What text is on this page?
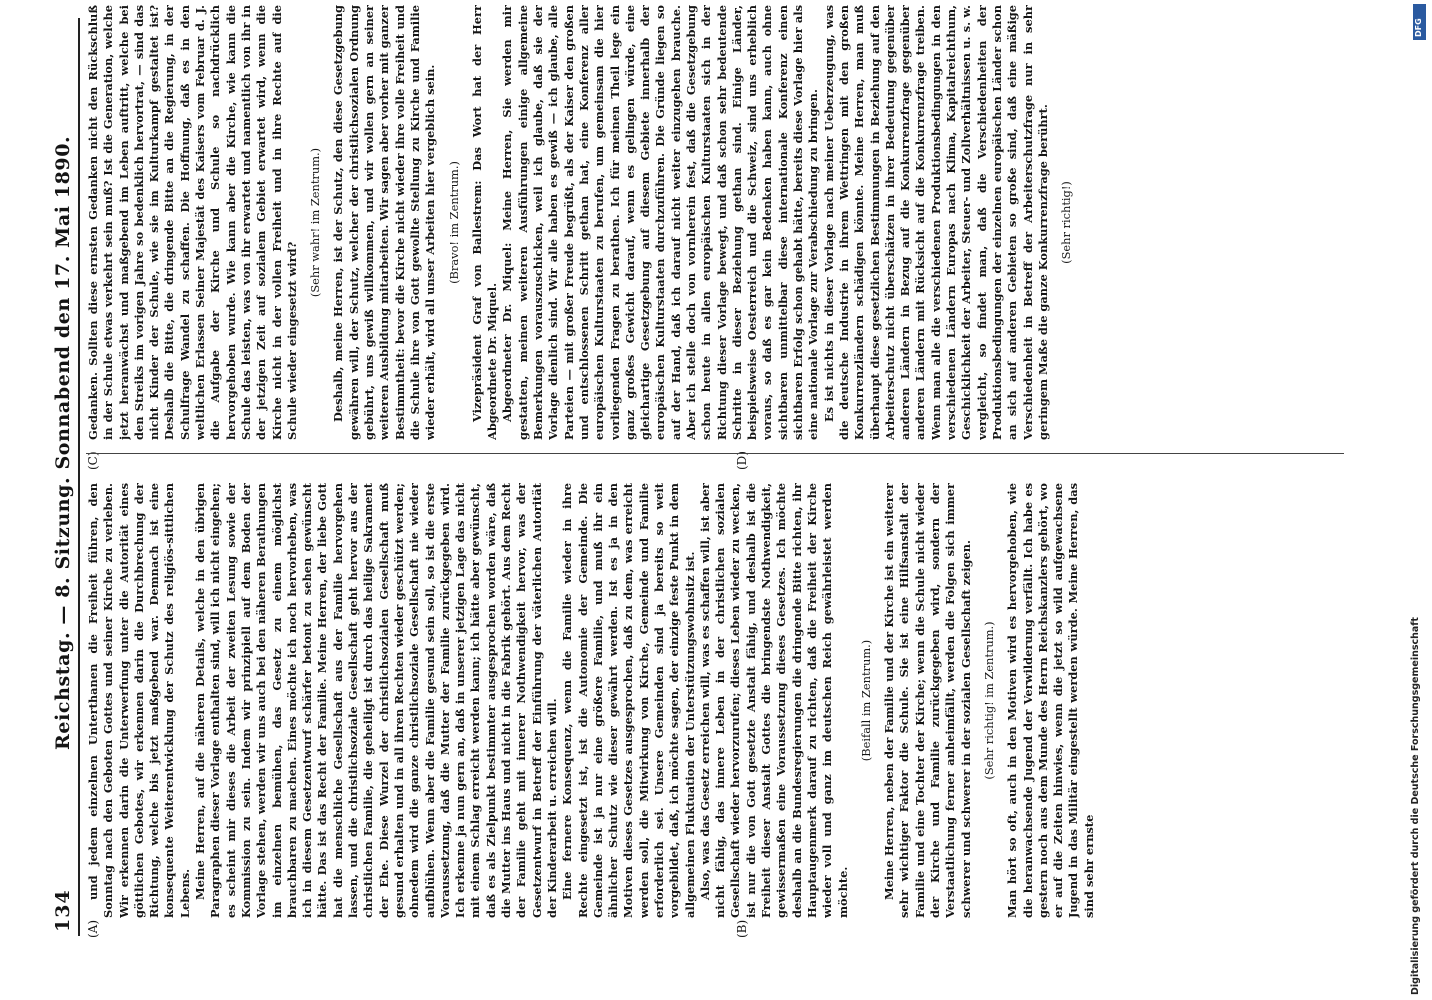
134
Reichstag. — 8. Sitzung. Sonnabend den 17. Mai 1890.
(A)	(B)
(C)	(D)

und jedem einzelnen Unterthanen die Freiheit führen, den Sonntag nach den Geboten Gottes und seiner Kirche zu verleben. Wir erkennen darin die Unterwerfung unter die Autorität eines göttlichen Gebotes, wir erkennen darin die Durchbrechung der Richtung, welche bis jetzt maßgebend war. Demnach ist eine konsequente Weiterentwicklung der Schutz des religiös-sittlichen Lebens. Meine Herren, auf die näheren Details, welche in den übrigen Paragraphen dieser Vorlage enthalten sind, will ich nicht eingehen; es scheint mir dieses die Arbeit der zweiten Lesung sowie der Kommission zu sein. Indem wir prinzipiell auf dem Boden der Vorlage stehen, werden wir uns auch bei den näheren Berathungen im einzelnen bemühen, das Gesetz zu einem möglichst brauchbaren zu machen. Eines möchte ich noch hervorheben, was ich in diesem Gesetzentwurf schärfer betont zu sehen gewünscht hätte. Das ist das Recht der Familie. Meine Herren, der liebe Gott hat die menschliche Gesellschaft aus der Familie hervorgehen lassen, und die christlichsoziale Gesellschaft geht hervor aus der christlichen Familie, die geheiligt ist durch das heilige Sakrament der Ehe. Diese Wurzel der christlichsozialen Gesellschaft muß gesund erhalten und in all ihren Rechten wieder geschützt werden; ohnedem wird die ganze christlichsoziale Gesellschaft nie wieder aufblühen. Wenn aber die Familie gesund sein soll, so ist die erste Voraussetzung, daß die Mutter der Familie zurückgegeben wird. Ich erkenne ja nun gern an, daß in unserer jetzigen Lage das nicht mit einem Schlag erreicht werden kann; ich hätte aber gewünscht, daß es als Zielpunkt bestimmter ausgesprochen worden wäre, daß die Mutter ins Haus und nicht in die Fabrik gehört. Aus dem Recht der Familie geht mit innerer Nothwendigkeit hervor, was der Gesetzentwurf in Betreff der Einführung der väterlichen Autorität der Kinderarbeit u. erreichen will. Eine fernere Konsequenz, wenn die Familie wieder in ihre Rechte eingesetzt ist, ist die Autonomie der Gemeinde. Die Gemeinde ist ja nur eine größere Familie, und muß ihr ein ähnlicher Schutz wie dieser gewährt werden. Ist es ja in den Motiven dieses Gesetzes ausgesprochen, daß zu dem, was erreicht werden soll, die Mitwirkung von Kirche, Gemeinde und Familie erforderlich sei. Unsere Gemeinden sind ja bereits so weit vorgebildet, daß, ich möchte sagen, der einzige feste Punkt in dem allgemeinen Fluktuation der Unterstützungswohnsitz ist. Also, was das Gesetz erreichen will, was es schaffen will, ist aber nicht fähig, das innere Leben in der christlichen sozialen Gesellschaft wieder hervorzurufen; dieses Leben wieder zu wecken, ist nur die von Gott gesetzte Anstalt fähig, und deshalb ist die Freiheit dieser Anstalt Gottes die bringendste Nothwendigkeit, gewissermaßen eine Voraussetzung dieses Gesetzes. Ich möchte deshalb an die Bundesregierungen die dringende Bitte richten, ihr Hauptaugenmerk darauf zu richten, daß die Freiheit der Kirche wieder voll und ganz im deutschen Reich gewährleistet werden möchte.

(Beifall im Zentrum.) Meine Herren, neben der Familie und der Kirche ist ein weiterer sehr wichtiger Faktor die Schule. Sie ist eine Hilfsanstalt der Familie und eine Tochter der Kirche; wenn die Schule nicht wieder der Kirche und Familie zurückgegeben wird, sondern der Verstaatlichung ferner anheimfällt, werden die Folgen sich immer schwerer und schwerer in der sozialen Gesellschaft zeigen. (Sehr richtig! im Zentrum.) Man hört so oft, auch in den Motiven wird es hervorgehoben, wie die heranwachsende Jugend der Verwilderung verfällt. Ich habe es gestern noch aus dem Munde des Herrn Reichskanzlers gehört, wo er auf die Zeiten hinwies, wenn die jetzt so wild aufgewachsene Jugend in das Militär eingestellt werden würde. Meine Herren, das sind sehr ernste

Gedanken. Sollten diese ernsten Gedanken nicht den Rückschluß in der Schule etwas verkehrt sein muß? Ist die Generation, welche jetzt heranwächst und maßgebend im Leben auftritt, welche bei den Streiks im vorigen Jahre so bedenklich hervortrat, — sind das nicht Kinder der Schule, wie sie im Kulturkampf gestaltet ist? Deshalb die Bitte, die dringende Bitte an die Regierung, in der Schulfrage Wandel zu schaffen. Die Hoffnung, daß es in den weltlichen Erlassen Seiner Majestät des Kaisers vom Februar d. J. die Aufgabe der Kirche und Schule so nachdrücklich hervorgehoben wurde. Wie kann aber die Kirche, wie kann die Schule das leisten, was von ihr erwartet und namentlich von ihr in der jetzigen Zeit auf sozialem Gebiet erwartet wird, wenn die Kirche nicht in der vollen Freiheit und in ihre Rechte auf die Schule wieder eingesetzt wird?

(Sehr wahr! im Zentrum.) Deshalb, meine Herren, ist der Schutz, den diese Gesetzgebung gewähren will, der Schutz, welcher der christlichsozialen Ordnung gebührt, uns gewiß willkommen, und wir wollen gern an seiner weiteren Ausbildung mitarbeiten. Wir sagen aber vorher mit ganzer Bestimmtheit: bevor die Kirche nicht wieder ihre volle Freiheit und die Schule ihre von Gott gewollte Stellung zu Kirche und Familie wieder erhält, wird all unser Arbeiten hier vergeblich sein. (Bravo! im Zentrum.) Vizepräsident Graf von Ballestrem: Das Wort hat der Herr Abgeordnete Dr. Miquel. Abgeordneter Dr. Miquel: Meine Herren, Sie werden mir gestatten, meinen weiteren Ausführungen einige allgemeine Bemerkungen vorauszuschicken, weil ich glaube, daß sie der Vorlage dienlich sind. Wir alle haben es gewiß — ich glaube, alle Parteien — mit großer Freude begrüßt, als der Kaiser den großen und entschlossenen Schritt gethan hat, eine Konferenz aller europäischen Kulturstaaten zu berufen, um gemeinsam die hier vorliegenden Fragen zu berathen. Ich für meinen Theil lege ein ganz großes Gewicht darauf, wenn es gelingen würde, eine gleichartige Gesetzgebung auf diesem Gebiete innerhalb der europäischen Kulturstaaten durchzuführen. Die Gründe liegen so auf der Hand, daß ich darauf nicht weiter einzugehen brauche. Aber ich stelle doch von vornherein fest, daß die Gesetzgebung schon heute in allen europäischen Kulturstaaten sich in der Richtung dieser Vorlage bewegt, und daß schon sehr bedeutende Schritte in dieser Beziehung gethan sind. Einige Länder, beispielsweise Oesterreich und die Schweiz, sind uns erheblich voraus, so daß es gar kein Bedenken haben kann, auch ohne sichtbaren unmittelbar diese internationale Konferenz einen sichtbaren Erfolg schon gehabt hätte, bereits diese Vorlage hier als eine nationale Vorlage zur Verabschiedung zu bringen. Es ist nichts in dieser Vorlage nach meiner Ueberzeugung, was die deutsche Industrie in ihrem Wettringen mit den großen Konkurrenzländern schädigen könnte. Meine Herren, man muß überhaupt diese gesetzlichen Bestimmungen in Beziehung auf den Arbeiterschutz nicht überschätzen in ihrer Bedeutung gegenüber anderen Ländern in Bezug auf die Konkurrenzfrage gegenüber anderen Ländern mit Rücksicht auf die Konkurrenzfrage treiben. Wenn man alle die verschiedenen Produktionsbedingungen in den verschiedenen Ländern Europas nach Klima, Kapitalreichthum, Geschicklichkeit der Arbeiter, Steuer- und Zollverhältnissen u. s. w. vergleicht, so findet man, daß die Verschiedenheiten der Produktionsbedingungen der einzelnen europäischen Länder schon an sich auf anderen Gebieten so große sind, daß eine mäßige Verschiedenheit in Betreff der Arbeiterschutzfrage nur in sehr geringem Maße die ganze Konkurrenzfrage berührt. (Sehr richtig!)

DFG
Digitalisierung gefördert durch die Deutsche Forschungsgemeinschaft
